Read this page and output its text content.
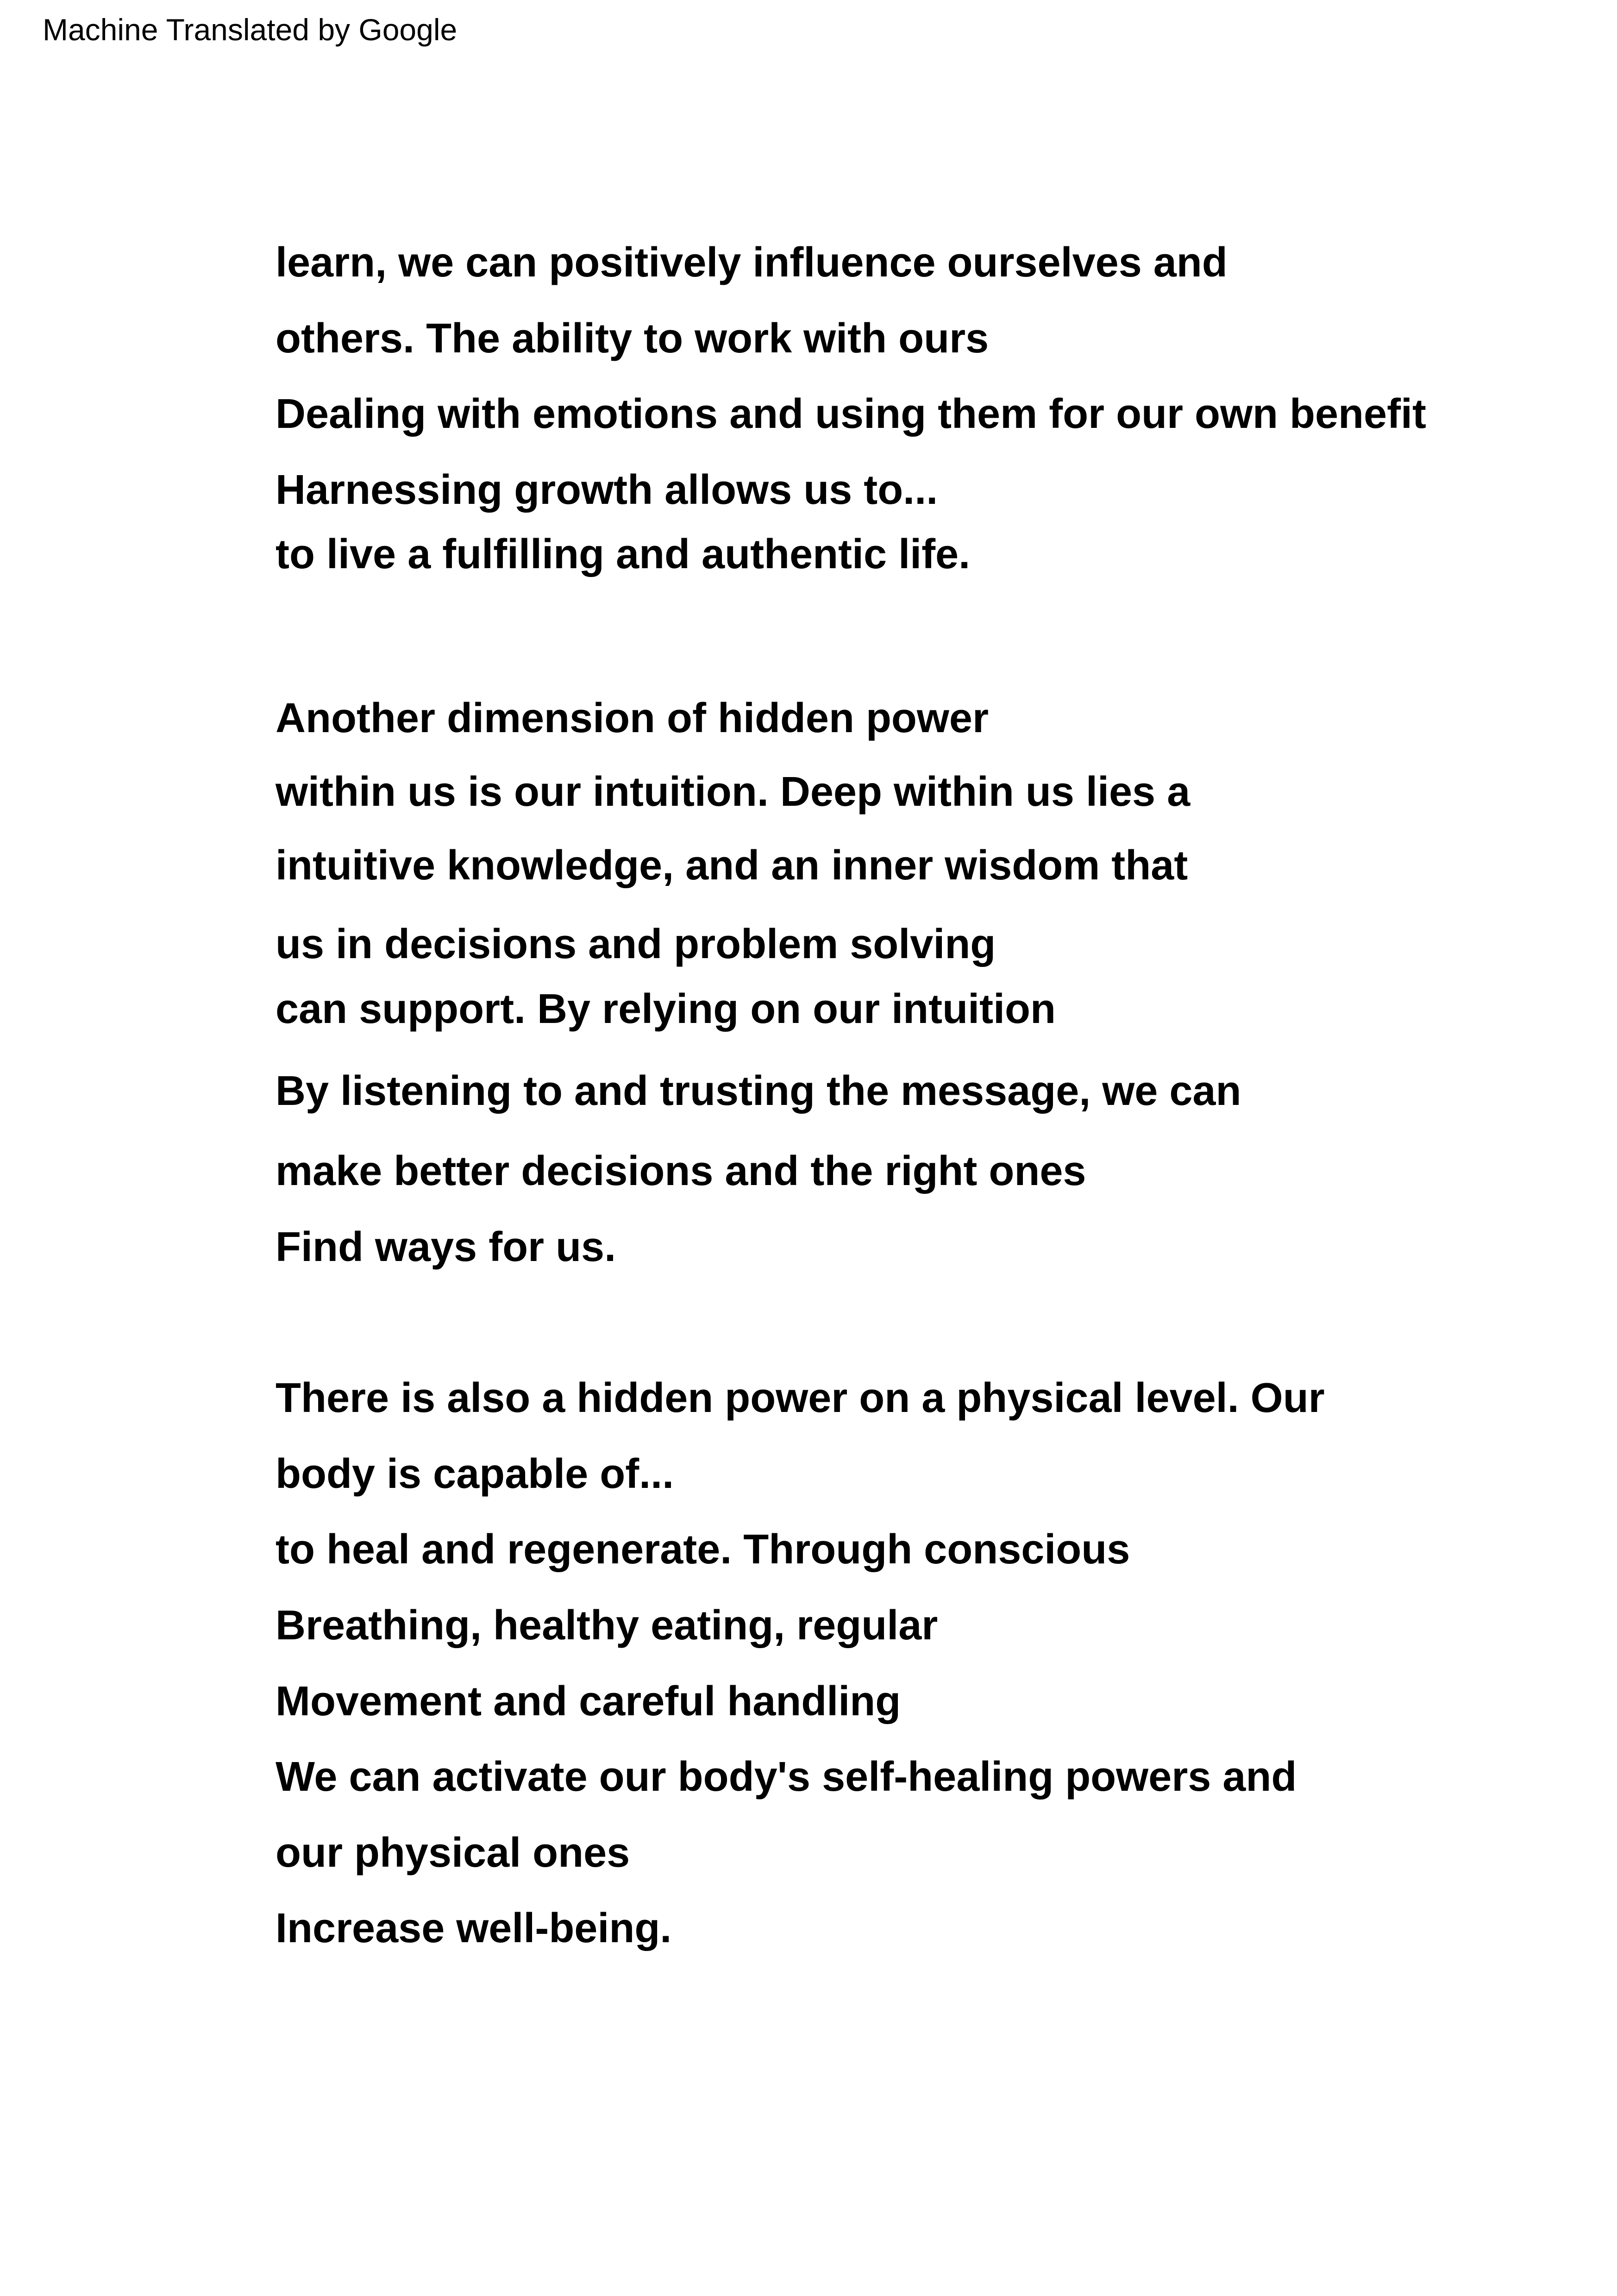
Machine Translated by Google
learn, we can positively influence ourselves and
others. The ability to work with ours
Dealing with emotions and using them for our own benefit
Harnessing growth allows us to...
to live a fulfilling and authentic life.
Another dimension of hidden power
within us is our intuition. Deep within us lies a
intuitive knowledge, and an inner wisdom that
us in decisions and problem solving
can support. By relying on our intuition
By listening to and trusting the message, we can
make better decisions and the right ones
Find ways for us.
There is also a hidden power on a physical level. Our
body is capable of...
to heal and regenerate. Through conscious
Breathing, healthy eating, regular
Movement and careful handling
We can activate our body's self-healing powers and
our physical ones
Increase well-being.
